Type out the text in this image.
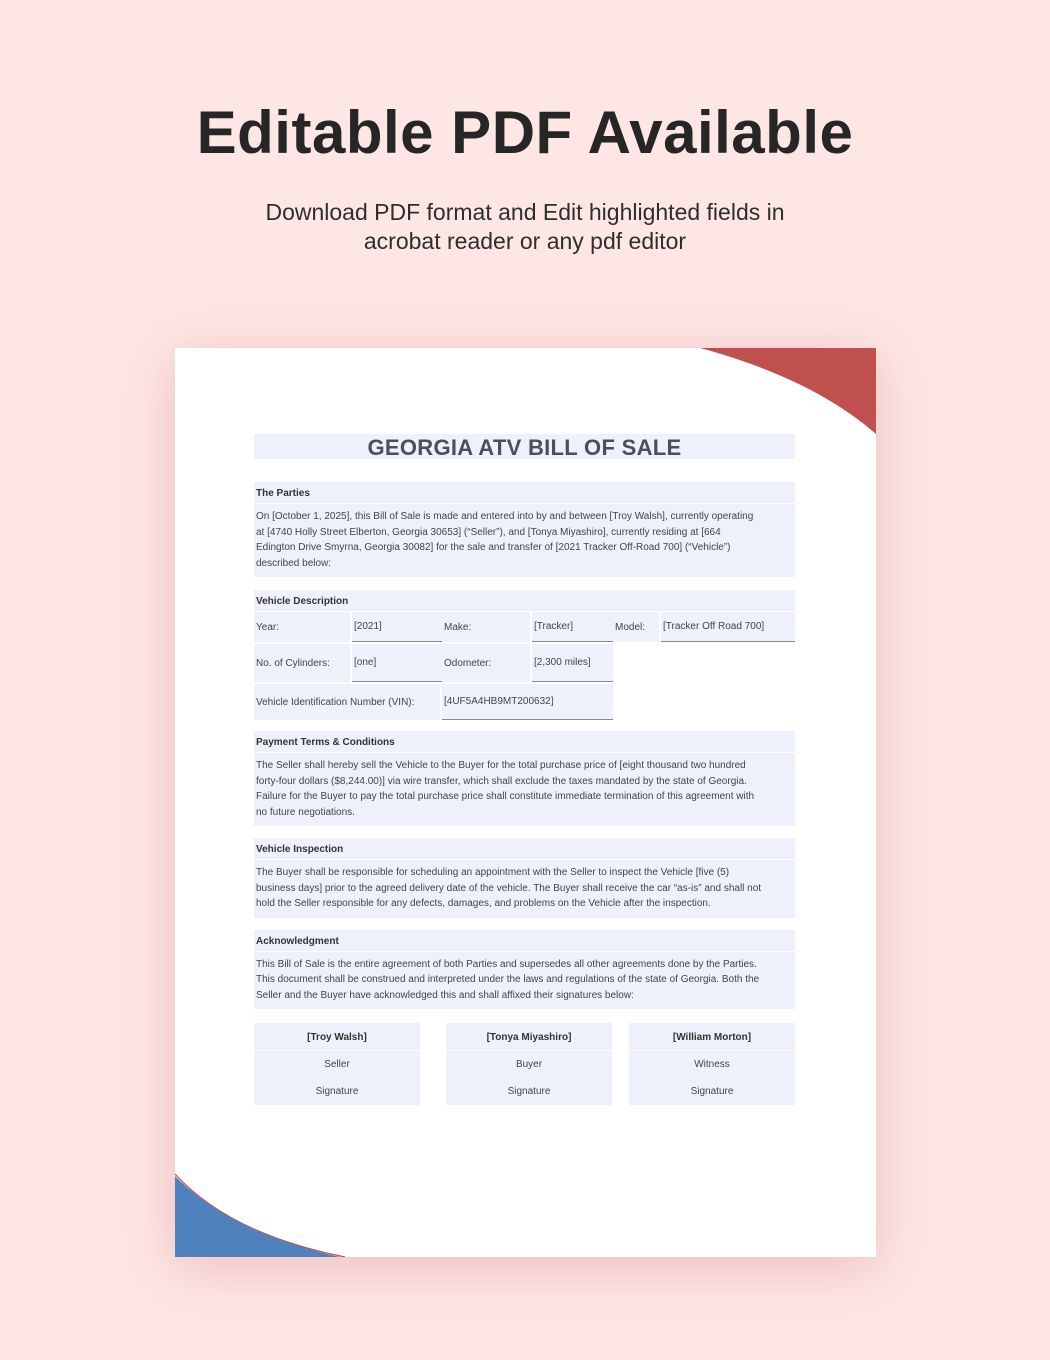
Editable PDF Available
Download PDF format and Edit highlighted fields in
acrobat reader or any pdf editor
GEORGIA ATV BILL OF SALE
The Parties
On [October 1, 2025], this Bill of Sale is made and entered into by and between [Troy Walsh], currently operating
at [4740 Holly Street Elberton, Georgia 30653] (“Seller”), and [Tonya Miyashiro], currently residing at [664
Edington Drive Smyrna, Georgia 30082] for the sale and transfer of [2021 Tracker Off-Road 700] (“Vehicle”)
described below:
Vehicle Description
Year:	[2021]	Make:	[Tracker]	Model:	[Tracker Off Road 700]
No. of Cylinders:	[one]	Odometer:	[2,300 miles]
Vehicle Identification Number (VIN):	[4UF5A4HB9MT200632]
Payment Terms & Conditions
The Seller shall hereby sell the Vehicle to the Buyer for the total purchase price of [eight thousand two hundred
forty-four dollars ($8,244.00)] via wire transfer, which shall exclude the taxes mandated by the state of Georgia.
Failure for the Buyer to pay the total purchase price shall constitute immediate termination of this agreement with
no future negotiations.
Vehicle Inspection
The Buyer shall be responsible for scheduling an appointment with the Seller to inspect the Vehicle [five (5)
business days] prior to the agreed delivery date of the vehicle. The Buyer shall receive the car “as-is” and shall not
hold the Seller responsible for any defects, damages, and problems on the Vehicle after the inspection.
Acknowledgment
This Bill of Sale is the entire agreement of both Parties and supersedes all other agreements done by the Parties.
This document shall be construed and interpreted under the laws and regulations of the state of Georgia. Both the
Seller and the Buyer have acknowledged this and shall affixed their signatures below:
[Troy Walsh]
Seller
Signature
[Tonya Miyashiro]
Buyer
Signature
[William Morton]
Witness
Signature
